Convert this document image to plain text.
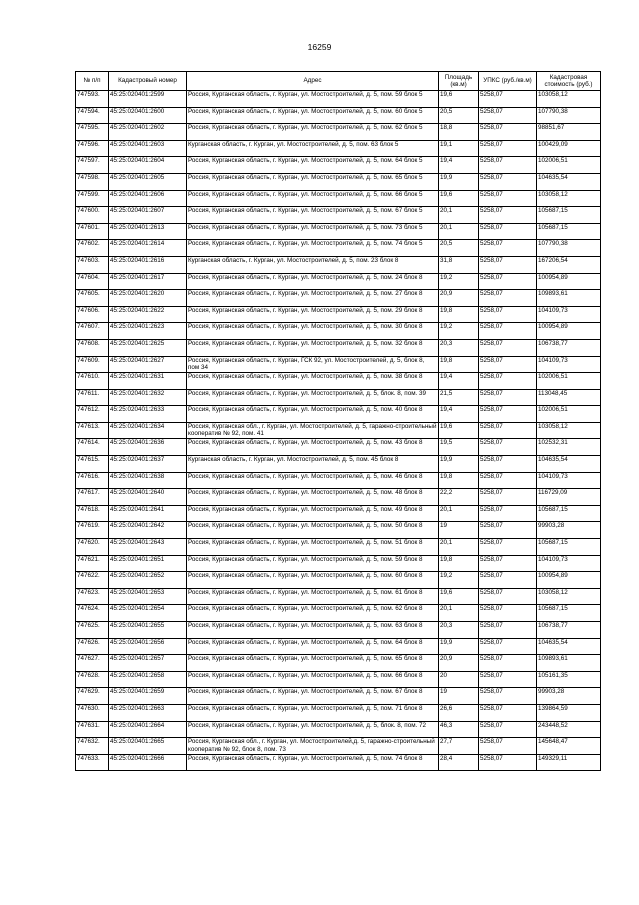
16259
№ п/п	Кадастровый номер	Адрес	Площадь (кв.м)	УПКС (руб./кв.м)	Кадастровая стоимость (руб.)
747593.	45:25:020401:2599	Россия, Курганская область, г. Курган, ул. Мостостроителей, д. 5, пом. 59 блок 5	19,6	5258,07	103058,12
747594.	45:25:020401:2600	Россия, Курганская область, г. Курган, ул. Мостостроителей, д. 5, пом. 60 блок 5	20,5	5258,07	107790,38
747595.	45:25:020401:2602	Россия, Курганская область, г. Курган, ул. Мостостроителей, д. 5, пом. 62 блок 5	18,8	5258,07	98851,67
747596.	45:25:020401:2603	Курганская область, г. Курган, ул. Мостостроителей, д. 5, пом. 63 блок 5	19,1	5258,07	100429,09
747597.	45:25:020401:2604	Россия, Курганская область, г. Курган, ул. Мостостроителей, д. 5, пом. 64 блок 5	19,4	5258,07	102006,51
747598.	45:25:020401:2605	Россия, Курганская область, г. Курган, ул. Мостостроителей, д. 5, пом. 65 блок 5	19,9	5258,07	104635,54
747599.	45:25:020401:2606	Россия, Курганская область, г. Курган, ул. Мостостроителей, д. 5, пом. 66 блок 5	19,6	5258,07	103058,12
747600.	45:25:020401:2607	Россия, Курганская область, г. Курган, ул. Мостостроителей, д. 5, пом. 67 блок 5	20,1	5258,07	105687,15
747601.	45:25:020401:2613	Россия, Курганская область, г. Курган, ул. Мостостроителей, д. 5, пом. 73 блок 5	20,1	5258,07	105687,15
747602.	45:25:020401:2614	Россия, Курганская область, г. Курган, ул. Мостостроителей, д. 5, пом. 74 блок 5	20,5	5258,07	107790,38
747603.	45:25:020401:2616	Курганская область, г. Курган, ул. Мостостроителей, д. 5, пом. 23 блок 8	31,8	5258,07	167206,54
747604.	45:25:020401:2617	Россия, Курганская область, г. Курган, ул. Мостостроителей, д. 5, пом. 24 блок 8	19,2	5258,07	100954,89
747605.	45:25:020401:2620	Россия, Курганская область, г. Курган, ул. Мостостроителей, д. 5, пом. 27 блок 8	20,9	5258,07	109893,61
747606.	45:25:020401:2622	Россия, Курганская область, г. Курган, ул. Мостостроителей, д. 5, пом. 29 блок 8	19,8	5258,07	104109,73
747607.	45:25:020401:2623	Россия, Курганская область, г. Курган, ул. Мостостроителей, д. 5, пом. 30 блок 8	19,2	5258,07	100954,89
747608.	45:25:020401:2625	Россия, Курганская область, г. Курган, ул. Мостостроителей, д. 5, пом. 32 блок 8	20,3	5258,07	106738,77
747609.	45:25:020401:2627	Россия, Курганская область, г. Курган, ГСК 92, ул. Мостостроителей, д. 5, блок 8, пом 34	19,8	5258,07	104109,73
747610.	45:25:020401:2631	Россия, Курганская область, г. Курган, ул. Мостостроителей, д. 5, пом. 38 блок 8	19,4	5258,07	102006,51
747611.	45:25:020401:2632	Россия, Курганская область, г. Курган, ул. Мостостроителей, д. 5, блок. 8, пом. 39	21,5	5258,07	113048,45
747612.	45:25:020401:2633	Россия, Курганская область, г. Курган, ул. Мостостроителей, д. 5, пом. 40 блок 8	19,4	5258,07	102006,51
747613.	45:25:020401:2634	Россия, Курганская обл., г. Курган, ул. Мостостроителей, д. 5, гаражно-строительный кооператив № 92, пом. 41	19,6	5258,07	103058,12
747614.	45:25:020401:2636	Россия, Курганская область, г. Курган, ул. Мостостроителей, д. 5, пом. 43 блок 8	19,5	5258,07	102532,31
747615.	45:25:020401:2637	Курганская область, г. Курган, ул. Мостостроителей, д. 5, пом. 45 блок 8	19,9	5258,07	104635,54
747616.	45:25:020401:2638	Россия, Курганская область, г. Курган, ул. Мостостроителей, д. 5, пом. 46 блок 8	19,8	5258,07	104109,73
747617.	45:25:020401:2640	Россия, Курганская область, г. Курган, ул. Мостостроителей, д. 5, пом. 48 блок 8	22,2	5258,07	116729,09
747618.	45:25:020401:2641	Россия, Курганская область, г. Курган, ул. Мостостроителей, д. 5, пом. 49 блок 8	20,1	5258,07	105687,15
747619.	45:25:020401:2642	Россия, Курганская область, г. Курган, ул. Мостостроителей, д. 5, пом. 50 блок 8	19	5258,07	99903,28
747620.	45:25:020401:2643	Россия, Курганская область, г. Курган, ул. Мостостроителей, д. 5, пом. 51 блок 8	20,1	5258,07	105687,15
747621.	45:25:020401:2651	Россия, Курганская область, г. Курган, ул. Мостостроителей, д. 5, пом. 59 блок 8	19,8	5258,07	104109,73
747622.	45:25:020401:2652	Россия, Курганская область, г. Курган, ул. Мостостроителей, д. 5, пом. 60 блок 8	19,2	5258,07	100954,89
747623.	45:25:020401:2653	Россия, Курганская область, г. Курган, ул. Мостостроителей, д. 5, пом. 61 блок 8	19,6	5258,07	103058,12
747624.	45:25:020401:2654	Россия, Курганская область, г. Курган, ул. Мостостроителей, д. 5, пом. 62 блок 8	20,1	5258,07	105687,15
747625.	45:25:020401:2655	Россия, Курганская область, г. Курган, ул. Мостостроителей, д. 5, пом. 63 блок 8	20,3	5258,07	106738,77
747626.	45:25:020401:2656	Россия, Курганская область, г. Курган, ул. Мостостроителей, д. 5, пом. 64 блок 8	19,9	5258,07	104635,54
747627.	45:25:020401:2657	Россия, Курганская область, г. Курган, ул. Мостостроителей, д. 5, пом. 65 блок 8	20,9	5258,07	109893,61
747628.	45:25:020401:2658	Россия, Курганская область, г. Курган, ул. Мостостроителей, д. 5, пом. 66 блок 8	20	5258,07	105161,35
747629.	45:25:020401:2659	Россия, Курганская область, г. Курган, ул. Мостостроителей, д. 5, пом. 67 блок 8	19	5258,07	99903,28
747630.	45:25:020401:2663	Россия, Курганская область, г. Курган, ул. Мостостроителей, д. 5, пом. 71 блок 8	26,6	5258,07	139864,59
747631.	45:25:020401:2664	Россия, Курганская область, г. Курган, ул. Мостостроителей, д. 5, блок. 8, пом. 72	46,3	5258,07	243448,52
747632.	45:25:020401:2665	Россия, Курганская обл., г. Курган, ул. Мостостроителей,д. 5, гаражно-строительный кооператив № 92, блок 8, пом. 73	27,7	5258,07	145648,47
747633.	45:25:020401:2666	Россия, Курганская область, г. Курган, ул. Мостостроителей, д. 5, пом. 74 блок 8	28,4	5258,07	149329,11
